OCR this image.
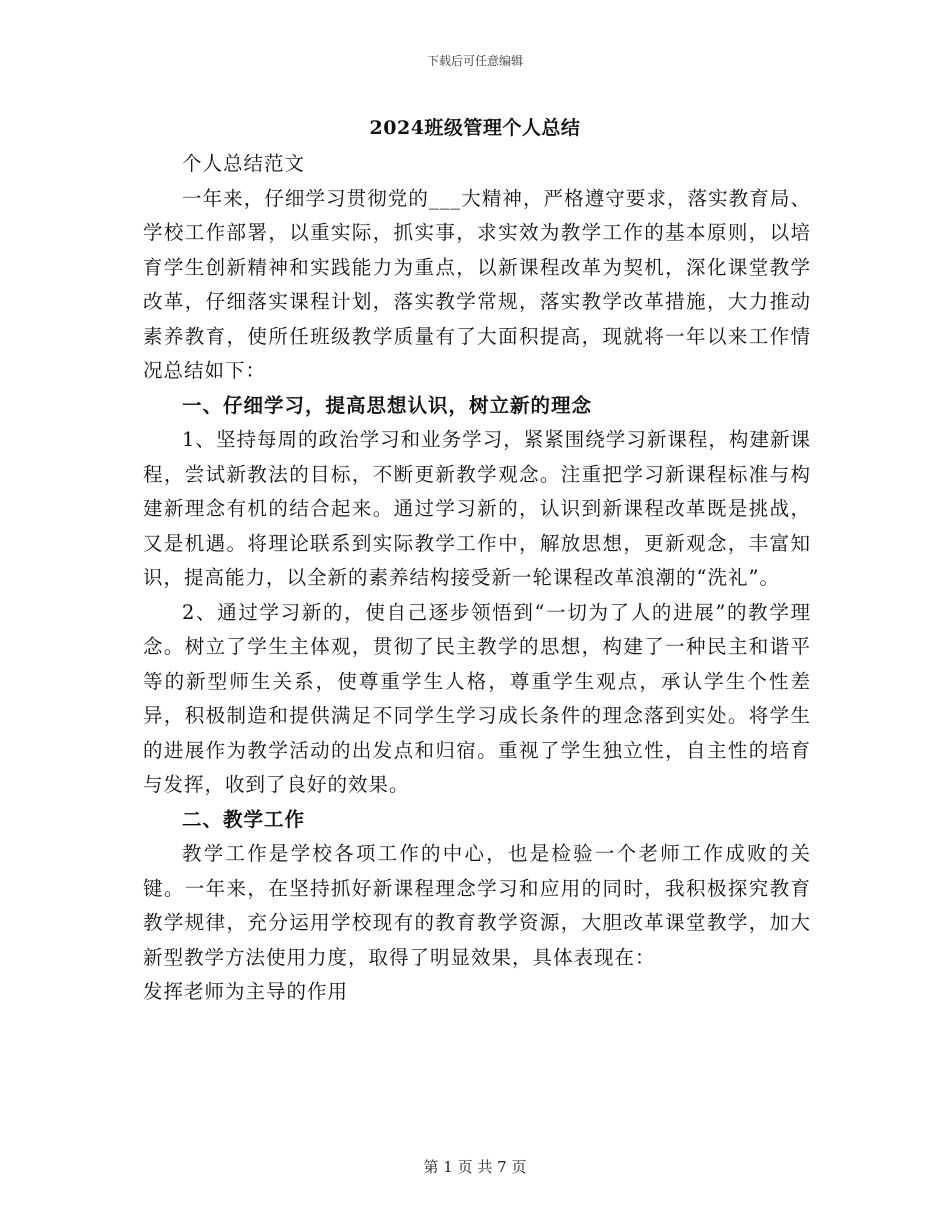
下载后可任意编辑
2024班级管理个人总结

个人总结范文

一年来，仔细学习贯彻党的___大精神，严格遵守要求，落实教育局、学校工作部署，以重实际，抓实事，求实效为教学工作的基本原则，以培育学生创新精神和实践能力为重点，以新课程改革为契机，深化课堂教学改革，仔细落实课程计划，落实教学常规，落实教学改革措施，大力推动素养教育，使所任班级教学质量有了大面积提高，现就将一年以来工作情况总结如下：

一、仔细学习，提高思想认识，树立新的理念

1、坚持每周的政治学习和业务学习，紧紧围绕学习新课程，构建新课程，尝试新教法的目标，不断更新教学观念。注重把学习新课程标准与构建新理念有机的结合起来。通过学习新的，认识到新课程改革既是挑战，又是机遇。将理论联系到实际教学工作中，解放思想，更新观念，丰富知识，提高能力，以全新的素养结构接受新一轮课程改革浪潮的“洗礼”。

2、通过学习新的，使自己逐步领悟到“一切为了人的进展”的教学理念。树立了学生主体观，贯彻了民主教学的思想，构建了一种民主和谐平等的新型师生关系，使尊重学生人格，尊重学生观点，承认学生个性差异，积极制造和提供满足不同学生学习成长条件的理念落到实处。将学生的进展作为教学活动的出发点和归宿。重视了学生独立性，自主性的培育与发挥，收到了良好的效果。

二、教学工作

教学工作是学校各项工作的中心，也是检验一个老师工作成败的关键。一年来，在坚持抓好新课程理念学习和应用的同时，我积极探究教育教学规律，充分运用学校现有的教育教学资源，大胆改革课堂教学，加大新型教学方法使用力度，取得了明显效果，具体表现在：

发挥老师为主导的作用

第 1 页 共 7 页
